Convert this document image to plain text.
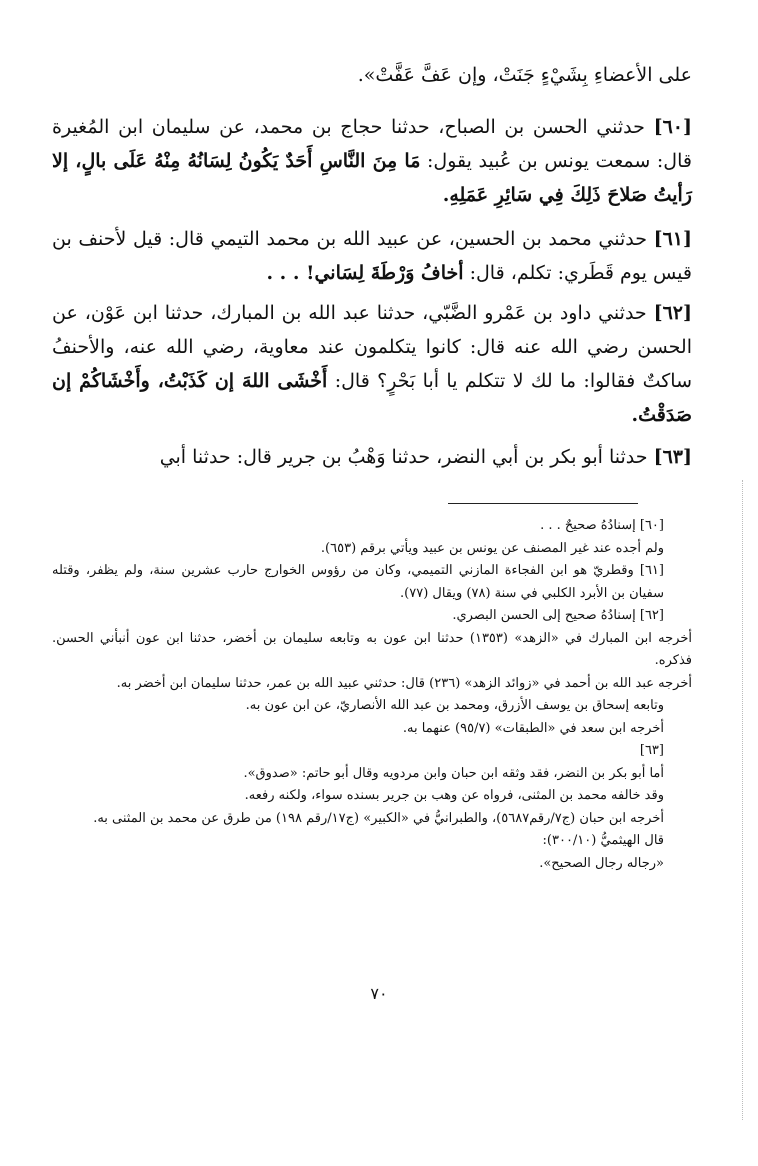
على الأعضاءِ بِشَيْءٍ جَنَتْ، وإن عَفَّ عَفَّتْ».

[٦٠] حدثني الحسن بن الصباح، حدثنا حجاج بن محمد، عن سليمان ابن المُغيرة قال: سمعت يونس بن عُبيد يقول: مَا مِنَ النَّاسِ أَحَدٌ يَكُونُ لِسَانُهُ مِنْهُ عَلَى بالٍ، إلا رَأيتُ صَلاحَ ذَلِكَ فِي سَائِرِ عَمَلِهِ.

[٦١] حدثني محمد بن الحسين، عن عبيد الله بن محمد التيمي قال: قيل لأحنف بن قيس يوم قَطَري: تكلم، قال: أخافُ وَرْطَةَ لِسَاني! . . .

[٦٢] حدثني داود بن عَمْرو الضَّبّي، حدثنا عبد الله بن المبارك، حدثنا ابن عَوْن، عن الحسن رضي الله عنه قال: كانوا يتكلمون عند معاوية، رضي الله عنه، والأحنفُ ساكتٌ فقالوا: ما لك لا تتكلم يا أبا بَحْرٍ؟ قال: أَخْشَى اللهَ إن كَذَبْتُ، وأَخْشَاكُمْ إن صَدَقْتُ.

[٦٣] حدثنا أبو بكر بن أبي النضر، حدثنا وَهْبُ بن جرير قال: حدثنا أبي

[٦٠] إسنادُهُ صحيحٌ . . .

ولم أجده عند غير المصنف عن يونس بن عبيد ويأتي برقم (٦٥٣).

[٦١] وقطريّ هو ابن الفجاءة المازني التميمي، وكان من رؤوس الخوارج حارب عشرين سنة، ولم يظفر، وقتله سفيان بن الأبرد الكلبي في سنة (٧٨) ويقال (٧٧).

[٦٢] إسنادُهُ صحيح إلى الحسن البصري.

أخرجه ابن المبارك في «الزهد» (١٣٥٣) حدثنا ابن عون به وتابعه سليمان بن أخضر، حدثنا ابن عون أنبأني الحسن. فذكره.

أخرجه عبد الله بن أحمد في «زوائد الزهد» (٢٣٦) قال: حدثني عبيد الله بن عمر، حدثنا سليمان ابن أخضر به.

وتابعه إسحاق بن يوسف الأزرق، ومحمد بن عبد الله الأنصاريّ، عن ابن عون به.

أخرجه ابن سعد في «الطبقات» (٩٥/٧) عنهما به.

[٦٣]

أما أبو بكر بن النضر، فقد وثقه ابن حبان وابن مردويه وقال أبو حاتم: «صدوق».

وقد خالفه محمد بن المثنى، فرواه عن وهب بن جرير بسنده سواء، ولكنه رفعه.

أخرجه ابن حبان (ج٧/رقم٥٦٨٧)، والطبرانيُّ في «الكبير» (ج١٧/رقم ١٩٨) من طرق عن محمد بن المثنى به.

قال الهيثميُّ (٣٠٠/١٠):

«رجاله رجال الصحيح».

٧٠
